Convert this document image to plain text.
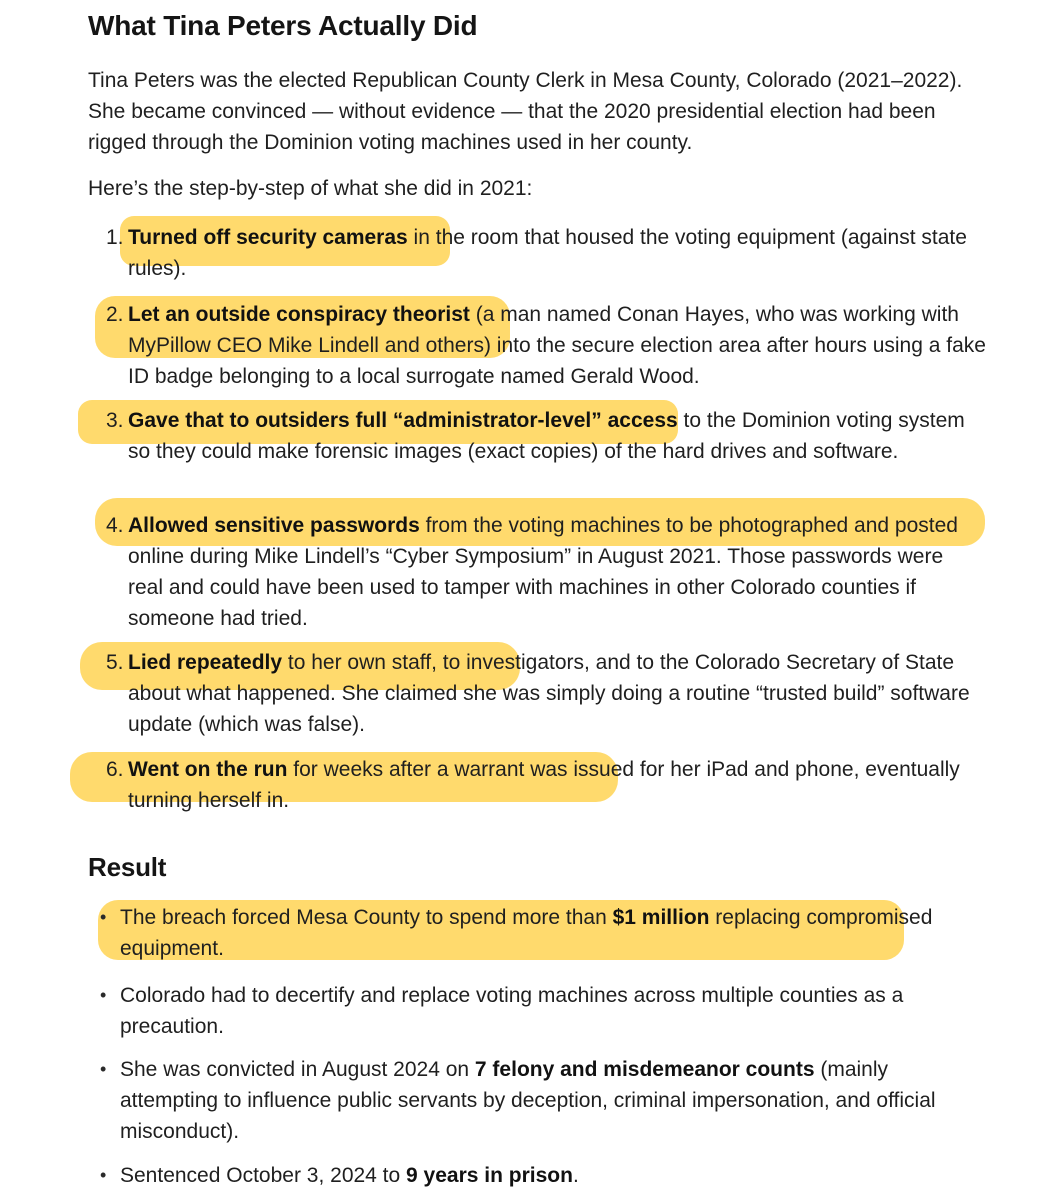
What Tina Peters Actually Did

Tina Peters was the elected Republican County Clerk in Mesa County, Colorado (2021–2022). She became convinced — without evidence — that the 2020 presidential election had been rigged through the Dominion voting machines used in her county.

Here’s the step-by-step of what she did in 2021:

1. Turned off security cameras in the room that housed the voting equipment (against state rules).

2. Let an outside conspiracy theorist (a man named Conan Hayes, who was working with MyPillow CEO Mike Lindell and others) into the secure election area after hours using a fake ID badge belonging to a local surrogate named Gerald Wood.

3. Gave that to outsiders full “administrator-level” access to the Dominion voting system so they could make forensic images (exact copies) of the hard drives and software.

4. Allowed sensitive passwords from the voting machines to be photographed and posted online during Mike Lindell’s “Cyber Symposium” in August 2021. Those passwords were real and could have been used to tamper with machines in other Colorado counties if someone had tried.

5. Lied repeatedly to her own staff, to investigators, and to the Colorado Secretary of State about what happened. She claimed she was simply doing a routine “trusted build” software update (which was false).

6. Went on the run for weeks after a warrant was issued for her iPad and phone, eventually turning herself in.

Result
• The breach forced Mesa County to spend more than $1 million replacing compromised equipment.

• Colorado had to decertify and replace voting machines across multiple counties as a precaution.

• She was convicted in August 2024 on 7 felony and misdemeanor counts (mainly attempting to influence public servants by deception, criminal impersonation, and official misconduct).

• Sentenced October 3, 2024 to 9 years in prison.
